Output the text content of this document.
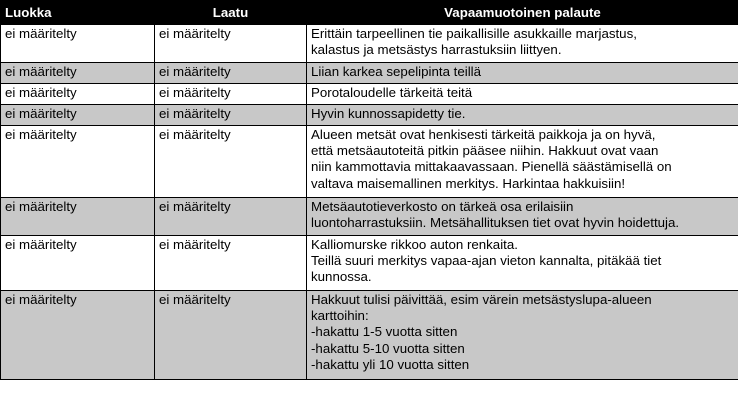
Luokka	Laatu	Vapaamuotoinen palaute
ei määritelty	ei määritelty	Erittäin tarpeellinen tie paikallisille asukkaille marjastus,
kalastus ja metsästys harrastuksiin liittyen.

ei määritelty	ei määritelty	Liian karkea sepelipinta teillä

ei määritelty	ei määritelty	Porotaloudelle tärkeitä teitä

ei määritelty	ei määritelty	Hyvin kunnossapidetty tie.

ei määritelty	ei määritelty	Alueen metsät ovat henkisesti tärkeitä paikkoja ja on hyvä,
että metsäautoteitä pitkin pääsee niihin. Hakkuut ovat vaan
niin kammottavia mittakaavassaan. Pienellä säästämisellä on
valtava maisemallinen merkitys. Harkintaa hakkuisiin!

ei määritelty	ei määritelty	Metsäautotieverkosto on tärkeä osa erilaisiin
luontoharrastuksiin. Metsähallituksen tiet ovat hyvin hoidettuja.

ei määritelty	ei määritelty	Kalliomurske rikkoo auton renkaita.
Teillä suuri merkitys vapaa-ajan vieton kannalta, pitäkää tiet
kunnossa.

ei määritelty	ei määritelty	Hakkuut tulisi päivittää, esim värein metsästyslupa-alueen
karttoihin:
-hakattu 1-5 vuotta sitten
-hakattu 5-10 vuotta sitten
-hakattu yli 10 vuotta sitten
